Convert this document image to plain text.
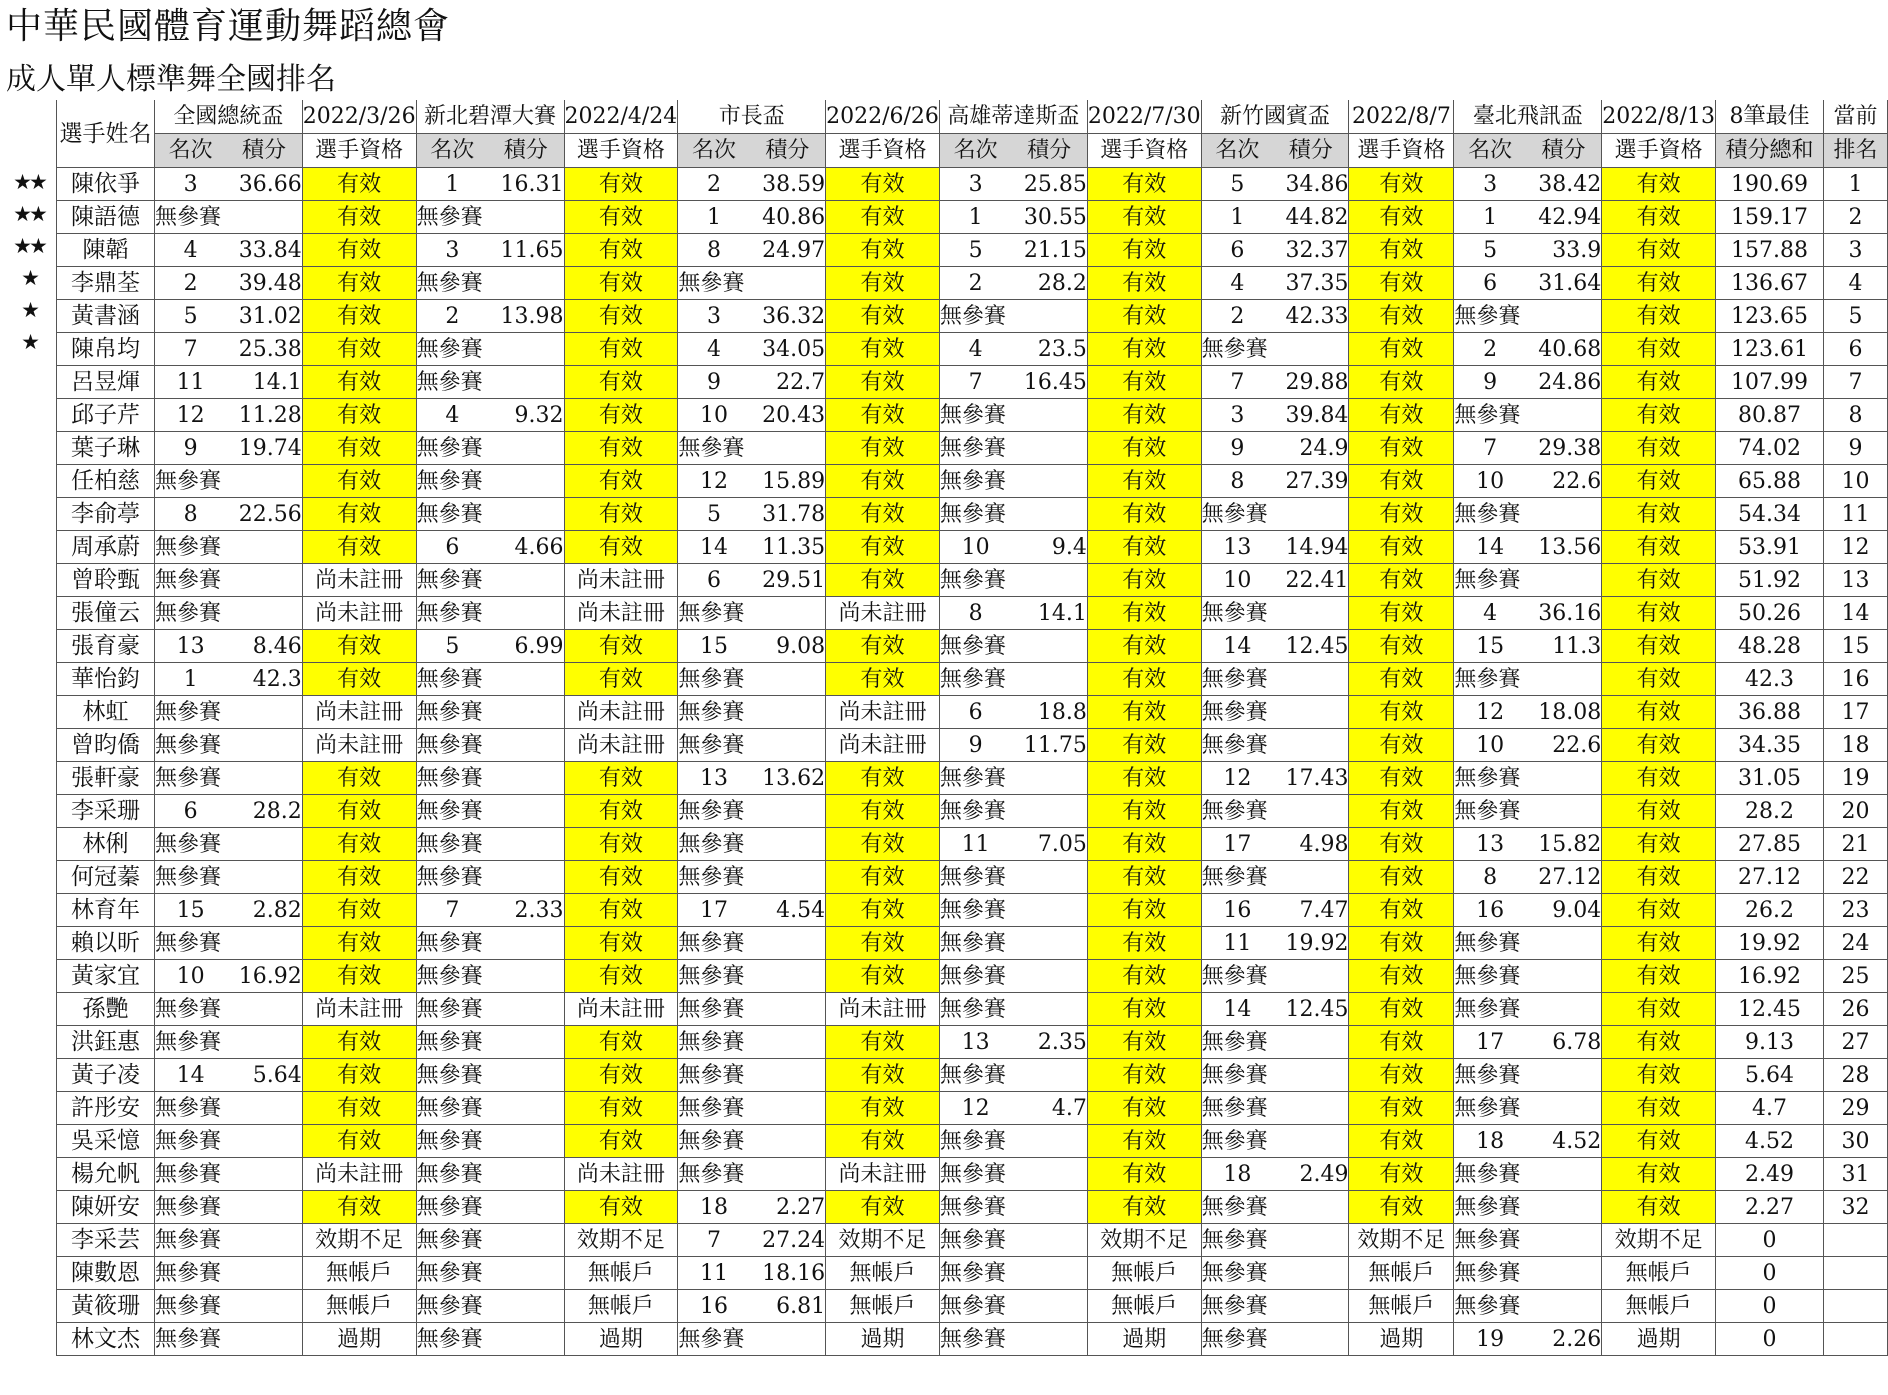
中華民國體育運動舞蹈總會
成人單人標準舞全國排名
★★
★★
★★
★
★
★
選手姓名	全國總統盃		2022/3/26	新北碧潭大賽		2022/4/24	市長盃		2022/6/26	高雄蒂達斯盃		2022/7/30	新竹國賓盃		2022/8/7	臺北飛訊盃		2022/8/13	8筆最佳	當前
	名次	積分	選手資格	名次	積分	選手資格	名次	積分	選手資格	名次	積分	選手資格	名次	積分	選手資格	名次	積分	選手資格	積分總和	排名
陳依爭	3	36.66	有效	1	16.31	有效	2	38.59	有效	3	25.85	有效	5	34.86	有效	3	38.42	有效	190.69	1
陳語德	無參賽		有效	無參賽		有效	1	40.86	有效	1	30.55	有效	1	44.82	有效	1	42.94	有效	159.17	2
陳韜	4	33.84	有效	3	11.65	有效	8	24.97	有效	5	21.15	有效	6	32.37	有效	5	33.9	有效	157.88	3
李鼎荃	2	39.48	有效	無參賽		有效	無參賽		有效	2	28.2	有效	4	37.35	有效	6	31.64	有效	136.67	4
黃書涵	5	31.02	有效	2	13.98	有效	3	36.32	有效	無參賽		有效	2	42.33	有效	無參賽		有效	123.65	5
陳帛均	7	25.38	有效	無參賽		有效	4	34.05	有效	4	23.5	有效	無參賽		有效	2	40.68	有效	123.61	6
呂昱煇	11	14.1	有效	無參賽		有效	9	22.7	有效	7	16.45	有效	7	29.88	有效	9	24.86	有效	107.99	7
邱子芹	12	11.28	有效	4	9.32	有效	10	20.43	有效	無參賽		有效	3	39.84	有效	無參賽		有效	80.87	8
葉子琳	9	19.74	有效	無參賽		有效	無參賽		有效	無參賽		有效	9	24.9	有效	7	29.38	有效	74.02	9
任柏慈	無參賽		有效	無參賽		有效	12	15.89	有效	無參賽		有效	8	27.39	有效	10	22.6	有效	65.88	10
李俞葶	8	22.56	有效	無參賽		有效	5	31.78	有效	無參賽		有效	無參賽		有效	無參賽		有效	54.34	11
周承蔚	無參賽		有效	6	4.66	有效	14	11.35	有效	10	9.4	有效	13	14.94	有效	14	13.56	有效	53.91	12
曾聆甄	無參賽		尚未註冊	無參賽		尚未註冊	6	29.51	有效	無參賽		有效	10	22.41	有效	無參賽		有效	51.92	13
張僮云	無參賽		尚未註冊	無參賽		尚未註冊	無參賽		尚未註冊	8	14.1	有效	無參賽		有效	4	36.16	有效	50.26	14
張育豪	13	8.46	有效	5	6.99	有效	15	9.08	有效	無參賽		有效	14	12.45	有效	15	11.3	有效	48.28	15
華怡鈞	1	42.3	有效	無參賽		有效	無參賽		有效	無參賽		有效	無參賽		有效	無參賽		有效	42.3	16
林虹	無參賽		尚未註冊	無參賽		尚未註冊	無參賽		尚未註冊	6	18.8	有效	無參賽		有效	12	18.08	有效	36.88	17
曾昀僑	無參賽		尚未註冊	無參賽		尚未註冊	無參賽		尚未註冊	9	11.75	有效	無參賽		有效	10	22.6	有效	34.35	18
張軒豪	無參賽		有效	無參賽		有效	13	13.62	有效	無參賽		有效	12	17.43	有效	無參賽		有效	31.05	19
李采珊	6	28.2	有效	無參賽		有效	無參賽		有效	無參賽		有效	無參賽		有效	無參賽		有效	28.2	20
林俐	無參賽		有效	無參賽		有效	無參賽		有效	11	7.05	有效	17	4.98	有效	13	15.82	有效	27.85	21
何冠蓁	無參賽		有效	無參賽		有效	無參賽		有效	無參賽		有效	無參賽		有效	8	27.12	有效	27.12	22
林育年	15	2.82	有效	7	2.33	有效	17	4.54	有效	無參賽		有效	16	7.47	有效	16	9.04	有效	26.2	23
賴以昕	無參賽		有效	無參賽		有效	無參賽		有效	無參賽		有效	11	19.92	有效	無參賽		有效	19.92	24
黃家宜	10	16.92	有效	無參賽		有效	無參賽		有效	無參賽		有效	無參賽		有效	無參賽		有效	16.92	25
孫艷	無參賽		尚未註冊	無參賽		尚未註冊	無參賽		尚未註冊	無參賽		有效	14	12.45	有效	無參賽		有效	12.45	26
洪鈺惠	無參賽		有效	無參賽		有效	無參賽		有效	13	2.35	有效	無參賽		有效	17	6.78	有效	9.13	27
黃子凌	14	5.64	有效	無參賽		有效	無參賽		有效	無參賽		有效	無參賽		有效	無參賽		有效	5.64	28
許彤安	無參賽		有效	無參賽		有效	無參賽		有效	12	4.7	有效	無參賽		有效	無參賽		有效	4.7	29
吳采憶	無參賽		有效	無參賽		有效	無參賽		有效	無參賽		有效	無參賽		有效	18	4.52	有效	4.52	30
楊允帆	無參賽		尚未註冊	無參賽		尚未註冊	無參賽		尚未註冊	無參賽		有效	18	2.49	有效	無參賽		有效	2.49	31
陳妍安	無參賽		有效	無參賽		有效	18	2.27	有效	無參賽		有效	無參賽		有效	無參賽		有效	2.27	32
李采芸	無參賽		效期不足	無參賽		效期不足	7	27.24	效期不足	無參賽		效期不足	無參賽		效期不足	無參賽		效期不足	0	
陳數恩	無參賽		無帳戶	無參賽		無帳戶	11	18.16	無帳戶	無參賽		無帳戶	無參賽		無帳戶	無參賽		無帳戶	0	
黃筱珊	無參賽		無帳戶	無參賽		無帳戶	16	6.81	無帳戶	無參賽		無帳戶	無參賽		無帳戶	無參賽		無帳戶	0	
林文杰	無參賽		過期	無參賽		過期	無參賽		過期	無參賽		過期	無參賽		過期	19	2.26	過期	0	
